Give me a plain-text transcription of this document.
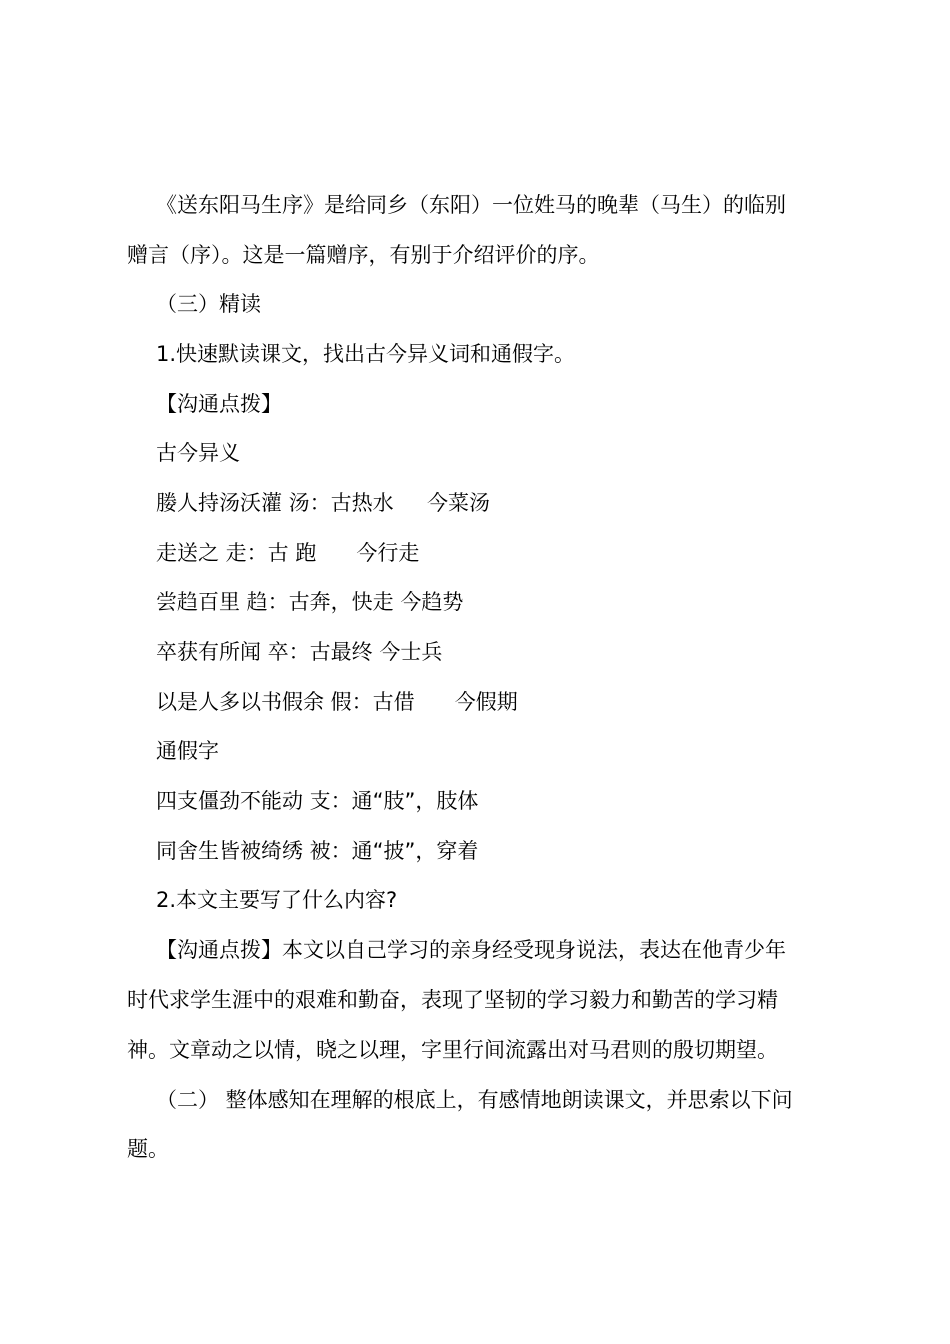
《送东阳马生序》是给同乡（东阳）一位姓马的晚辈（马生）的临别

赠言（序）。这是一篇赠序，有别于介绍评价的序。

（三）精读

1.快速默读课文，找出古今异义词和通假字。

【沟通点拨】

古今异义

媵人持汤沃灌 汤：古热水     今菜汤

走送之 走：古 跑      今行走

尝趋百里 趋：古奔，快走 今趋势

卒获有所闻 卒：古最终 今士兵

以是人多以书假余 假：古借      今假期

通假字

四支僵劲不能动 支：通“肢”，肢体

同舍生皆被绮绣 被：通“披”，穿着

2.本文主要写了什么内容?

【沟通点拨】本文以自己学习的亲身经受现身说法，表达在他青少年

时代求学生涯中的艰难和勤奋，表现了坚韧的学习毅力和勤苦的学习精

神。文章动之以情，晓之以理，字里行间流露出对马君则的殷切期望。

（二） 整体感知在理解的根底上，有感情地朗读课文，并思索以下问

题。
